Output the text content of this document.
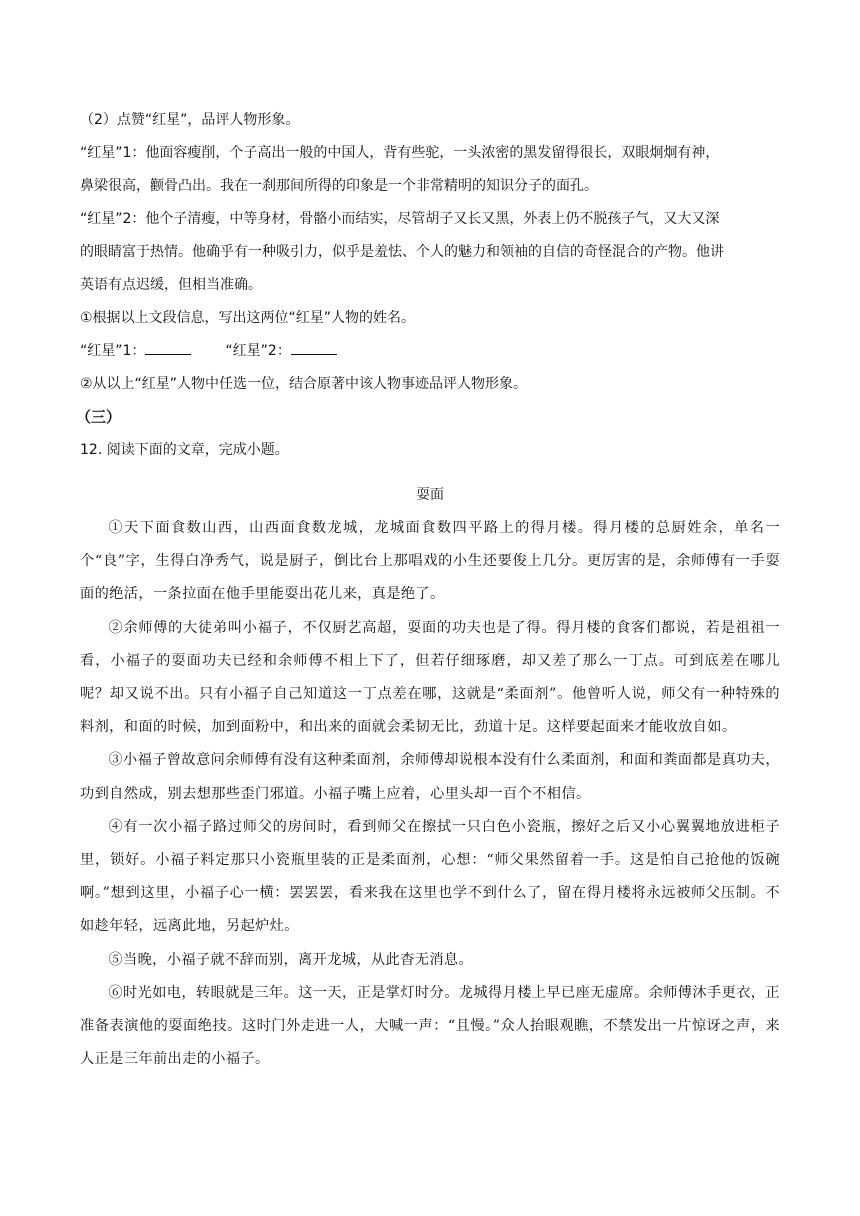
（2）点赞“红星”，品评人物形象。
“红星”1：他面容瘦削，个子高出一般的中国人，背有些驼，一头浓密的黑发留得很长，双眼炯炯有神，
鼻梁很高，颧骨凸出。我在一刹那间所得的印象是一个非常精明的知识分子的面孔。
“红星”2：他个子清瘦，中等身材，骨骼小而结实，尽管胡子又长又黑，外表上仍不脱孩子气，又大又深
的眼睛富于热情。他确乎有一种吸引力，似乎是羞怯、个人的魅力和领袖的自信的奇怪混合的产物。他讲
英语有点迟缓，但相当准确。
①根据以上文段信息，写出这两位“红星”人物的姓名。
“红星”1：	“红星”2：
②从以上“红星”人物中任选一位，结合原著中该人物事迹品评人物形象。
（三）
12. 阅读下面的文章，完成小题。
耍面

①天下面食数山西，山西面食数龙城，龙城面食数四平路上的得月楼。得月楼的总厨姓余，单名一个“良”字，生得白净秀气，说是厨子，倒比台上那唱戏的小生还要俊上几分。更厉害的是，余师傅有一手耍面的绝活，一条拉面在他手里能耍出花儿来，真是绝了。

②余师傅的大徒弟叫小福子，不仅厨艺高超，耍面的功夫也是了得。得月楼的食客们都说，若是祖祖一看，小福子的耍面功夫已经和余师傅不相上下了，但若仔细琢磨，却又差了那么一丁点。可到底差在哪儿呢？却又说不出。只有小福子自己知道这一丁点差在哪，这就是“柔面剂”。他曾听人说，师父有一种特殊的料剂，和面的时候，加到面粉中，和出来的面就会柔韧无比，劲道十足。这样要起面来才能收放自如。

③小福子曾故意问余师傅有没有这种柔面剂，余师傅却说根本没有什么柔面剂，和面和粪面都是真功夫，功到自然成，别去想那些歪门邪道。小福子嘴上应着，心里头却一百个不相信。

④有一次小福子路过师父的房间时，看到师父在擦拭一只白色小瓷瓶，擦好之后又小心翼翼地放进柜子里，锁好。小福子料定那只小瓷瓶里装的正是柔面剂，心想：“师父果然留着一手。这是怕自己抢他的饭碗啊。”想到这里，小福子心一横：罢罢罢，看来我在这里也学不到什么了，留在得月楼将永远被师父压制。不如趁年轻，远离此地，另起炉灶。

⑤当晚，小福子就不辞而别，离开龙城，从此杳无消息。

⑥时光如电，转眼就是三年。这一天，正是掌灯时分。龙城得月楼上早已座无虚席。余师傅沐手更衣，正准备表演他的耍面绝技。这时门外走进一人，大喊一声：“且慢。”众人抬眼观瞧，不禁发出一片惊讶之声，来人正是三年前出走的小福子。
